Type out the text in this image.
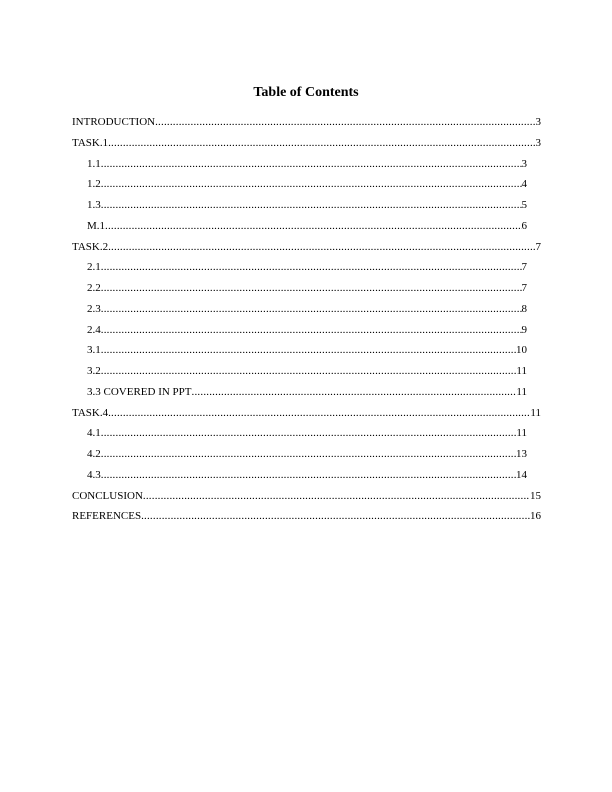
Table of Contents
INTRODUCTION .....	3
TASK.1 .....	3
1.1 .....	3
1.2 .....	4
1.3 .....	5
M.1 .....	6
TASK.2 .....	7
2.1 .....	7
2.2 .....	7
2.3 .....	8
2.4 .....	9
3.1 .....	10
3.2 .....	11
3.3 COVERED IN PPT .....	11
TASK.4 .....	11
4.1 .....	11
4.2 .....	13
4.3 .....	14
CONCLUSION .....	15
REFERENCES .....	16
